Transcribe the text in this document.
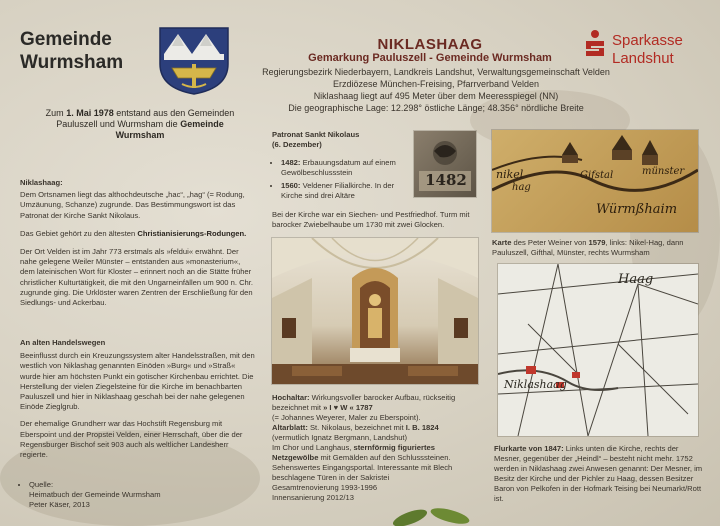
Gemeinde
Wurmsham
Sparkasse
Landshut
NIKLASHAAG
Gemarkung Pauluszell - Gemeinde Wurmsham
Regierungsbezirk Niederbayern, Landkreis Landshut, Verwaltungsgemeinschaft Velden
Erzdiözese München-Freising, Pfarrverband Velden
Niklashaag liegt auf 495 Meter über dem Meeresspiegel (NN)
Die geographische Lage: 12.298° östliche Länge; 48.356° nördliche Breite
Zum 1. Mai 1978 entstand aus den Gemeinden Pauluszell und Wurmsham die Gemeinde Wurmsham
Niklashaag:
Dem Ortsnamen liegt das althochdeutsche „hac“, „hag“ (= Rodung, Umzäunung, Schanze) zugrunde. Das Bestimmungswort ist das Patronat der Kirche Sankt Nikolaus.
Das Gebiet gehört zu den ältesten Christianisierungs-Rodungen.
Der Ort Velden ist im Jahr 773 erstmals als »feldui« erwähnt. Der nahe gelegene Weiler Münster – entstanden aus »monasterium«, dem lateinischen Wort für Kloster – erinnert noch an die Stätte früher christlicher Kulturtätigkeit, die mit den Ungarneinfällen um 900 n. Chr. zugrunde ging. Die Urklöster waren Zentren der Erschließung für den Siedlungs- und Ackerbau.
An alten Handelswegen
Beeinflusst durch ein Kreuzungssystem alter Handelsstraßen, mit den westlich von Niklashag genannten Einöden »Burg« und »Straß« wurde hier am höchsten Punkt ein gotischer Kirchenbau errichtet. Die Herstellung der vielen Ziegelsteine für die Kirche im benachbarten Pauluszell und hier in Niklashaag geschah bei der nahe gelegenen Einöde Zieglgrub.
Der ehemalige Grundherr war das Hochstift Regensburg mit Eberspoint und der Propstei Velden, einer Herrschaft, über die der Regensburger Bischof seit 903 auch als weltlicher Landesherr regierte.
• Quelle:
Heimatbuch der Gemeinde Wurmsham
Peter Käser, 2013
Patronat Sankt Nikolaus
(6. Dezember)
• 1482: Erbauungsdatum auf einem Gewölbeschlussstein
• 1560: Veldener Filialkirche. In der Kirche sind drei Altäre
1482
Bei der Kirche war ein Siechen- und Pestfriedhof. Turm mit barocker Zwiebelhaube um 1730 mit zwei Glocken.
Hochaltar: Wirkungsvoller barocker Aufbau, rückseitig bezeichnet mit » I ♥ W « 1787
(= Johannes Weyerer, Maler zu Eberspoint).
Altarblatt: St. Nikolaus, bezeichnet mit I. B. 1824
(vermutlich Ignatz Bergmann, Landshut)
Im Chor und Langhaus, sternförmig figuriertes Netzgewölbe mit Gemälden auf den Schlusssteinen. Sehenswertes Eingangsportal. Interessante mit Blech beschlagene Türen in der Sakristei
Gesamtrenovierung 1993-1996
Innensanierung 2012/13
nikel
hag
Gifstal	münster
Würmßhaim
Karte des Peter Weiner von 1579, links: Nikel-Hag, dann Pauluszell, Gifthal, Münster, rechts Wurmsham
Haag
Niklashaag
Flurkarte von 1847: Links unten die Kirche, rechts der Mesner, gegenüber der „Heindl“ – besteht nicht mehr. 1752 werden in Niklashaag zwei Anwesen genannt: Der Mesner, im Besitz der Kirche und der Pichler zu Haag, dessen Besitzer Baron von Pelkofen in der Hofmark Teising bei Neumarkt/Rott ist.
